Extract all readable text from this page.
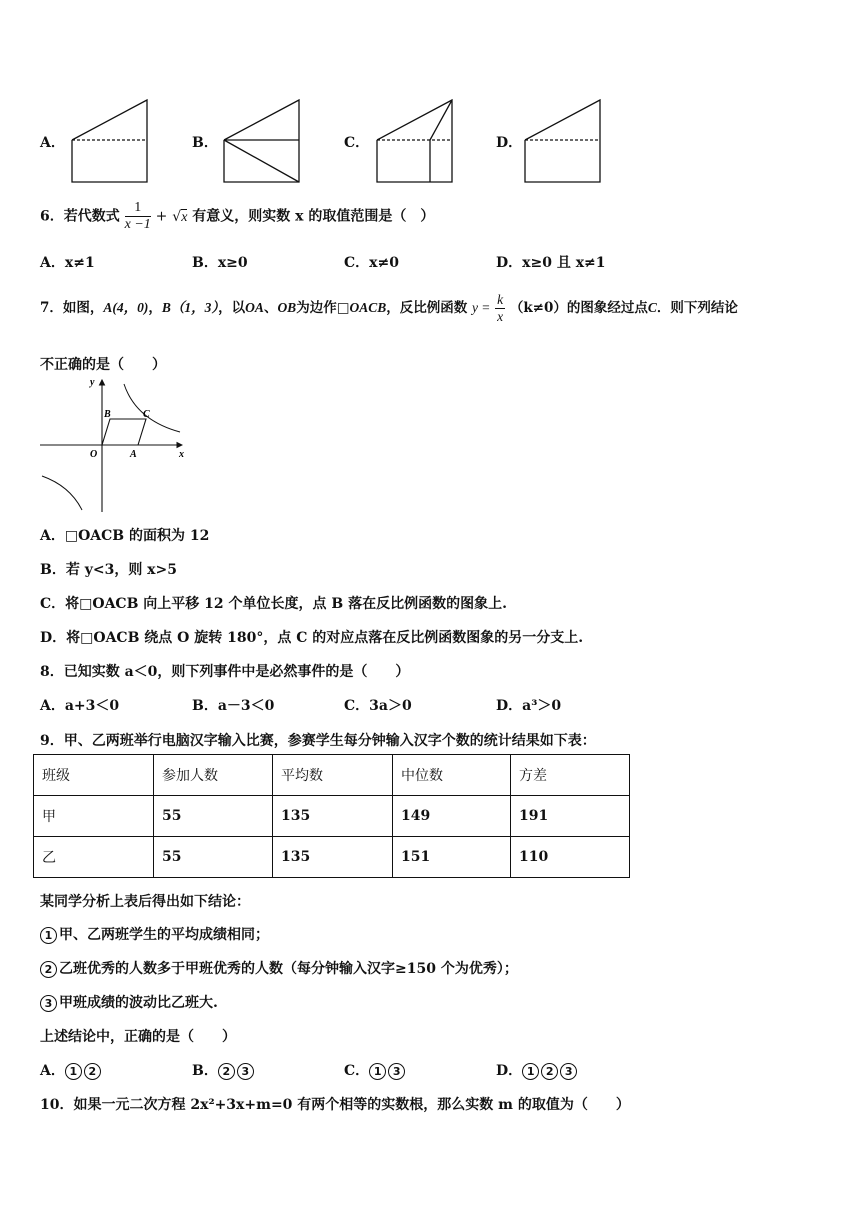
A．	B．	C．	D．
6．若代数式 $\frac{1}{x -1} + √x$ 有意义，则实数 x 的取值范围是（　）
A．x≠1	B．x≥0	C．x≠0	D．x≥0 且 x≠1
7．如图，A(4，0)，B（1，3），以OA、OB为边作□OACB，反比例函数 $y = \frac{k}{x} (k\ne 0)$的图象经过点C．则下列结论
不正确的是（　　）
y
x
O	A
B	C
A．□OACB 的面积为 12
B．若 y<3，则 x>5
C．将□OACB 向上平移 12 个单位长度，点 B 落在反比例函数的图象上.
D．将□OACB 绕点 O 旋转 180°，点 C 的对应点落在反比例函数图象的另一分支上.
8．已知实数 a＜0，则下列事件中是必然事件的是（　　）
A．a+3＜0	B．a－3＜0	C．3a＞0	D．a³＞0
9．甲、乙两班举行电脑汉字输入比赛，参赛学生每分钟输入汉字个数的统计结果如下表：
班级	参加人数	平均数	中位数	方差
甲	55	135	149	191
乙	55	135	151	110
某同学分析上表后得出如下结论：
1 甲、乙两班学生的平均成绩相同；
2 乙班优秀的人数多于甲班优秀的人数（每分钟输入汉字≥150 个为优秀）；
3 甲班成绩的波动比乙班大.
上述结论中，正确的是（　　）
A． 1 2	B． 2 3	C． 1 3	D． 1 2 3
10．如果一元二次方程 2x²+3x+m=0 有两个相等的实数根，那么实数 m 的取值为（　　）
